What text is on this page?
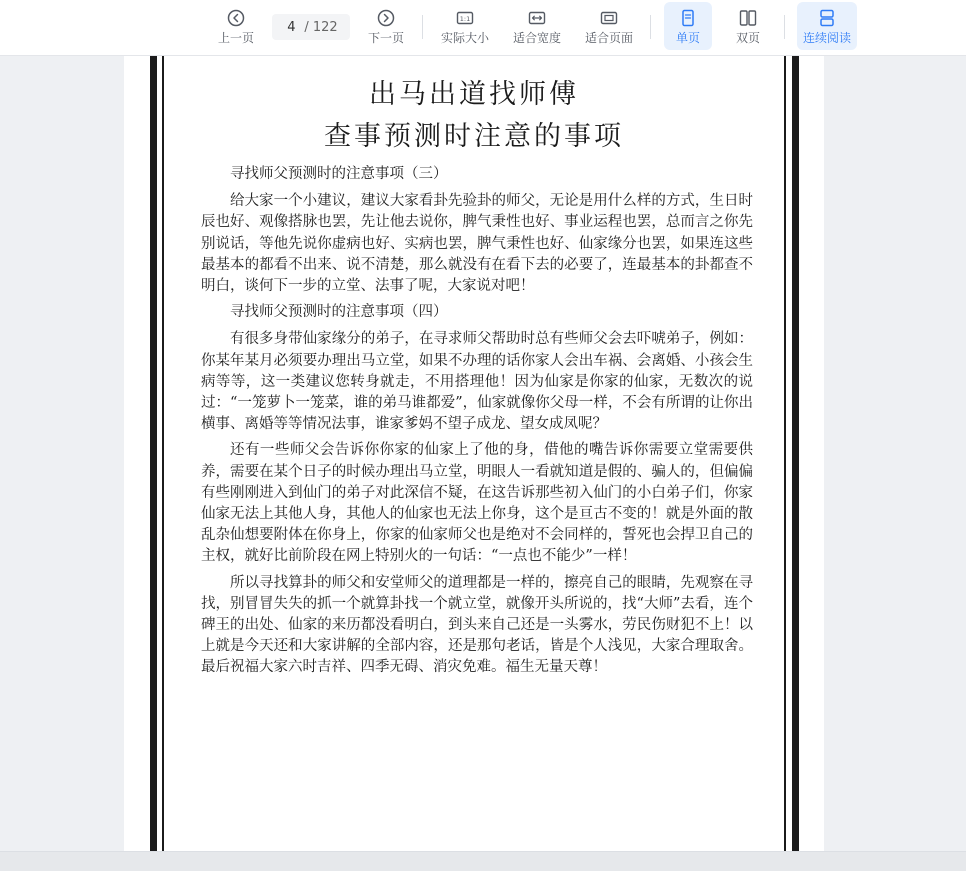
上一页
4
/ 122
下一页
1:1
实际大小 适合宽度 适合页面	单页	双页	连续阅读
出马出道找师傅
查事预测时注意的事项

寻找师父预测时的注意事项（三）

给大家一个小建议，建议大家看卦先验卦的师父，无论是用什么样的方式，生日时辰也好、观像搭脉也罢，先让他去说你，脾气秉性也好、事业运程也罢，总而言之你先别说话，等他先说你虚病也好、实病也罢，脾气秉性也好、仙家缘分也罢，如果连这些最基本的都看不出来、说不清楚，那么就没有在看下去的必要了，连最基本的卦都查不明白，谈何下一步的立堂、法事了呢，大家说对吧！

寻找师父预测时的注意事项（四）

有很多身带仙家缘分的弟子，在寻求师父帮助时总有些师父会去吓唬弟子，例如：你某年某月必须要办理出马立堂，如果不办理的话你家人会出车祸、会离婚、小孩会生病等等，这一类建议您转身就走，不用搭理他！因为仙家是你家的仙家，无数次的说过：“一笼萝卜一笼菜，谁的弟马谁都爱”，仙家就像你父母一样，不会有所谓的让你出横事、离婚等等情况法事，谁家爹妈不望子成龙、望女成凤呢？

还有一些师父会告诉你你家的仙家上了他的身，借他的嘴告诉你需要立堂需要供养，需要在某个日子的时候办理出马立堂，明眼人一看就知道是假的、骗人的，但偏偏有些刚刚进入到仙门的弟子对此深信不疑，在这告诉那些初入仙门的小白弟子们，你家仙家无法上其他人身，其他人的仙家也无法上你身，这个是亘古不变的！就是外面的散乱杂仙想要附体在你身上，你家的仙家师父也是绝对不会同样的，誓死也会捍卫自己的主权，就好比前阶段在网上特别火的一句话：“一点也不能少”一样！

所以寻找算卦的师父和安堂师父的道理都是一样的，擦亮自己的眼睛，先观察在寻找，别冒冒失失的抓一个就算卦找一个就立堂，就像开头所说的，找“大师”去看，连个碑王的出处、仙家的来历都没看明白，到头来自己还是一头雾水，劳民伤财犯不上！以上就是今天还和大家讲解的全部内容，还是那句老话，皆是个人浅见，大家合理取舍。最后祝福大家六时吉祥、四季无碍、消灾免难。福生无量天尊！
